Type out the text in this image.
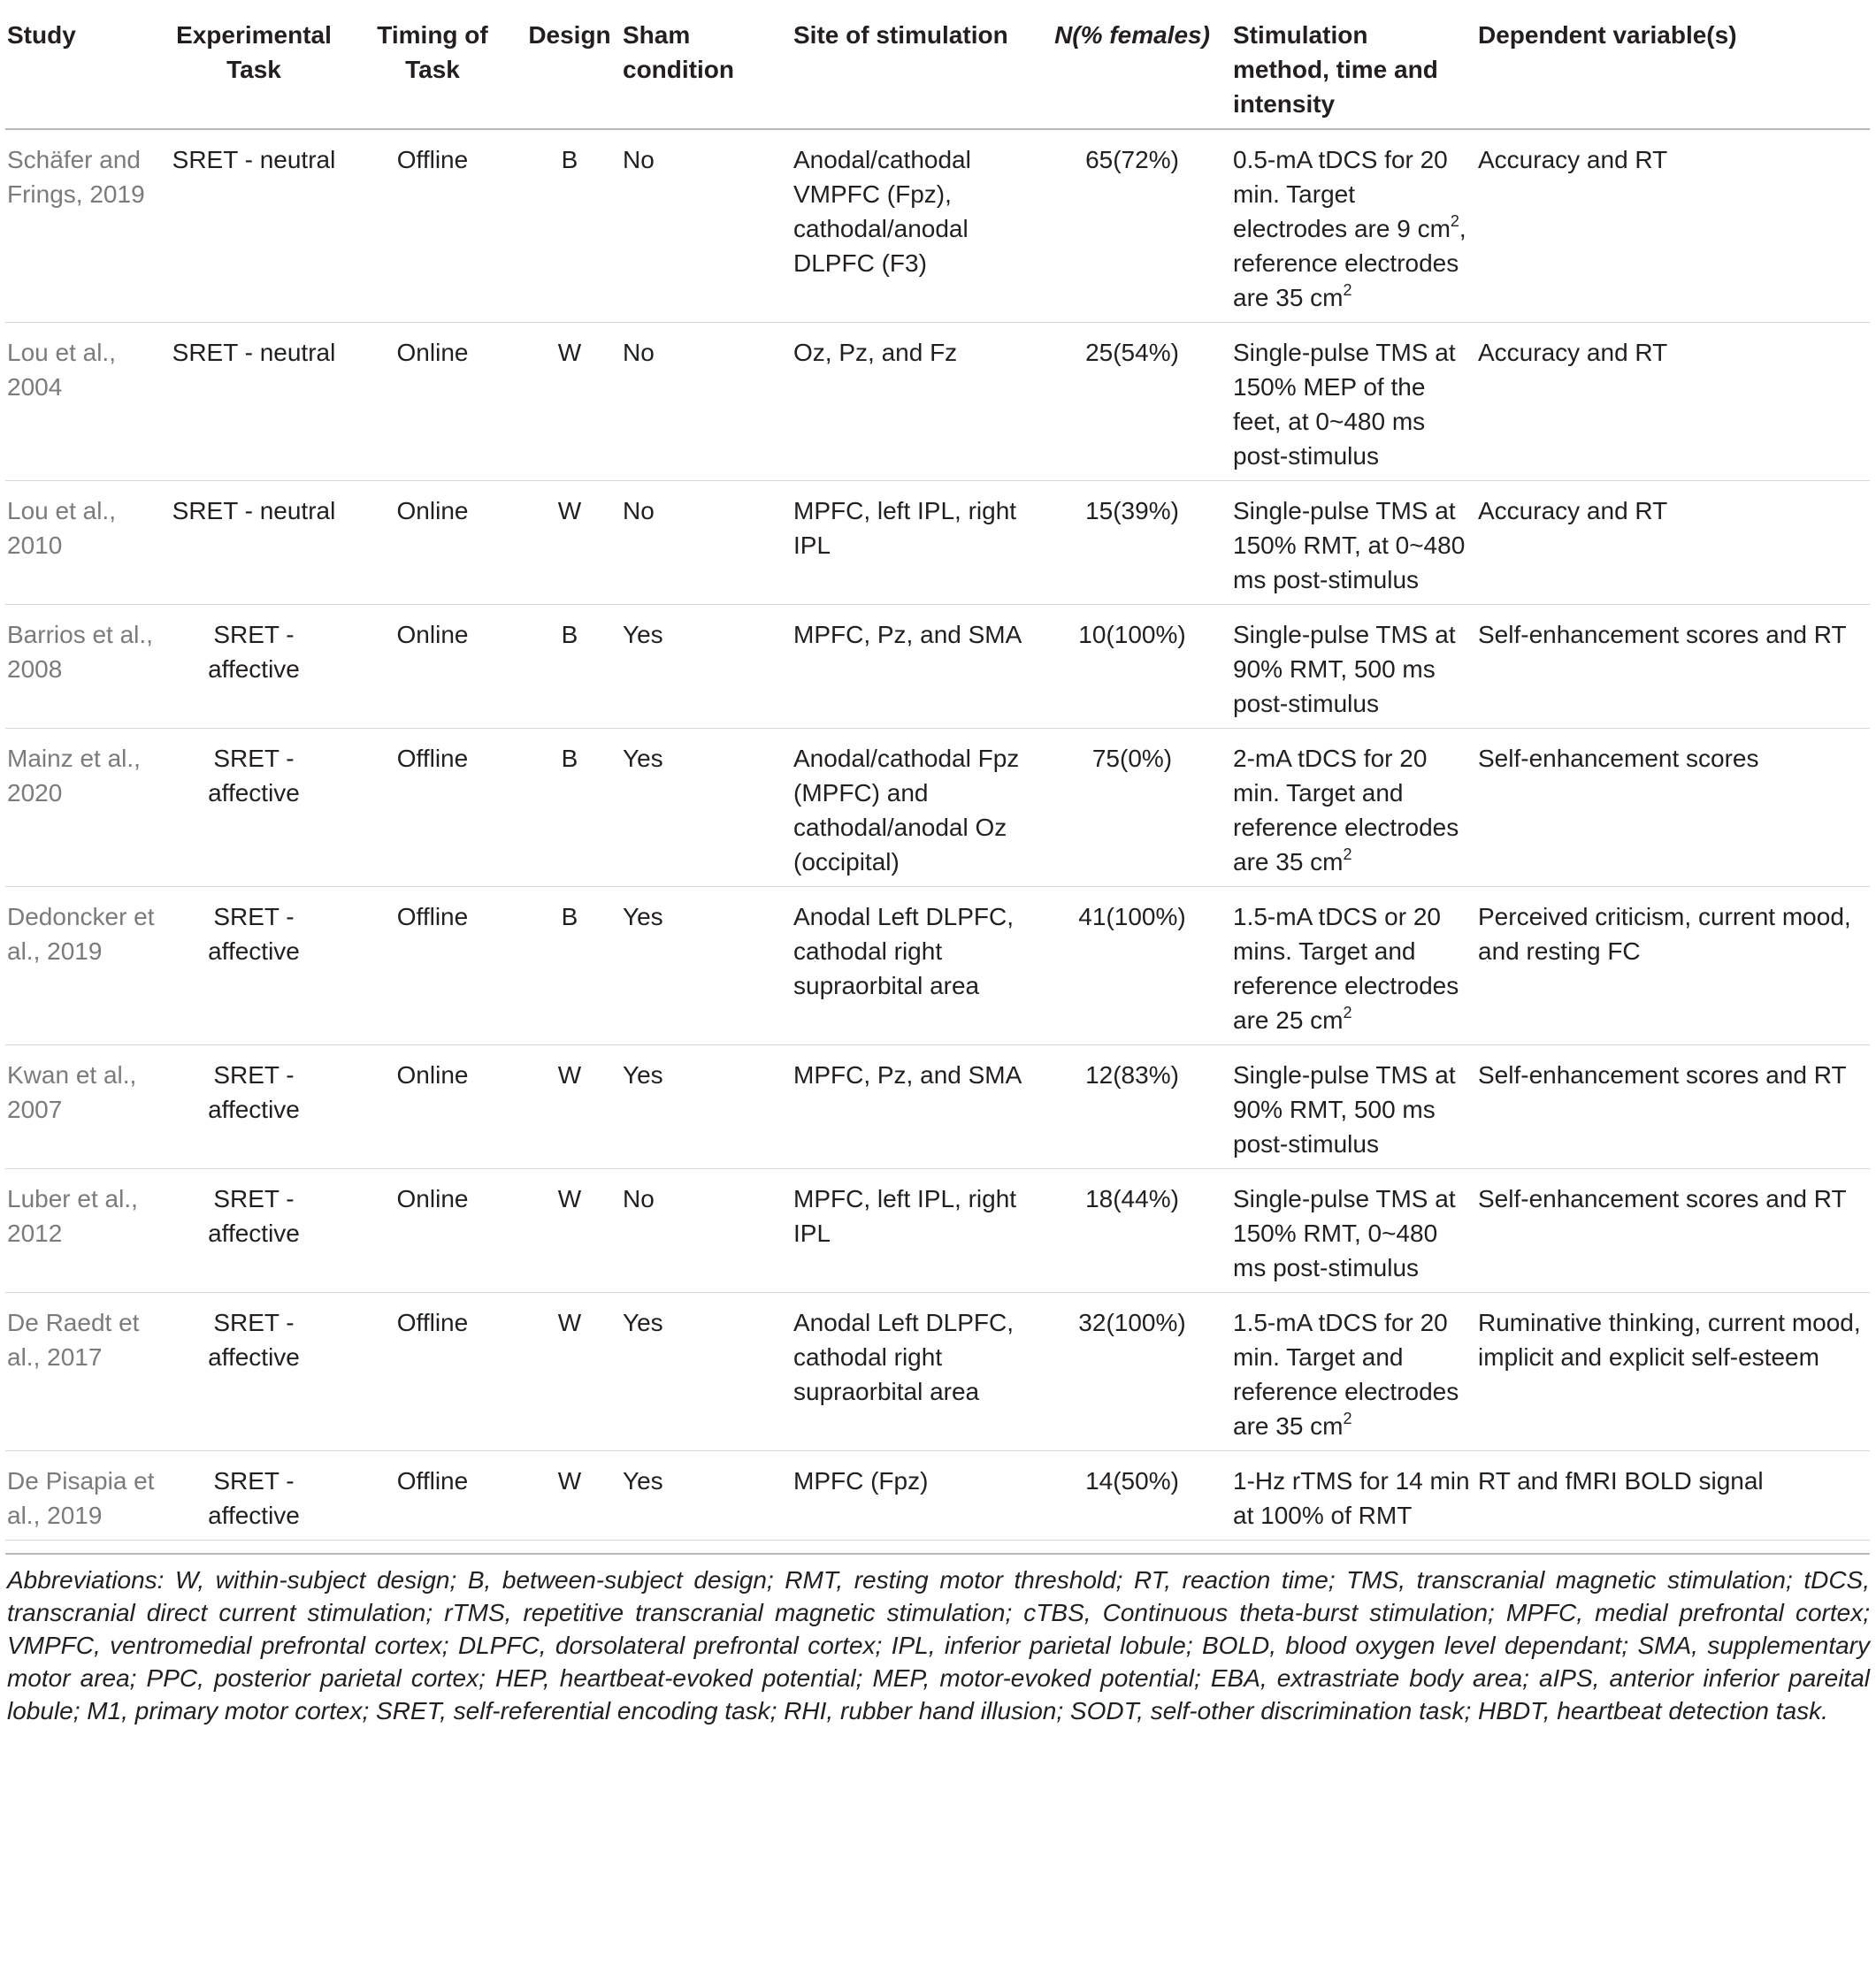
Study	Experimental Task	Timing of Task	Design	Sham condition	Site of stimulation	N(% females)	Stimulation method, time and intensity	Dependent variable(s)
Schäfer and Frings, 2019	SRET - neutral	Offline	B	No	Anodal/cathodal VMPFC (Fpz), cathodal/anodal DLPFC (F3)	65(72%)	0.5-mA tDCS for 20 min. Target electrodes are 9 $cm^2$, reference electrodes are 35 $cm^2$	Accuracy and RT
Lou et al., 2004	SRET - neutral	Online	W	No	Oz, Pz, and Fz	25(54%)	Single-pulse TMS at 150% MEP of the feet, at 0~480 ms post-stimulus	Accuracy and RT
Lou et al., 2010	SRET - neutral	Online	W	No	MPFC, left IPL, right IPL	15(39%)	Single-pulse TMS at 150% RMT, at 0~480 ms post-stimulus	Accuracy and RT
Barrios et al., 2008	SRET - affective	Online	B	Yes	MPFC, Pz, and SMA	10(100%)	Single-pulse TMS at 90% RMT, 500 ms post-stimulus	Self-enhancement scores and RT
Mainz et al., 2020	SRET - affective	Offline	B	Yes	Anodal/cathodal Fpz (MPFC) and cathodal/anodal Oz (occipital)	75(0%)	2-mA tDCS for 20 min. Target and reference electrodes are 35 $cm^2$	Self-enhancement scores
Dedoncker et al., 2019	SRET - affective	Offline	B	Yes	Anodal Left DLPFC, cathodal right supraorbital area	41(100%)	1.5-mA tDCS or 20 mins. Target and reference electrodes are 25 $cm^2$	Perceived criticism, current mood, and resting FC
Kwan et al., 2007	SRET - affective	Online	W	Yes	MPFC, Pz, and SMA	12(83%)	Single-pulse TMS at 90% RMT, 500 ms post-stimulus	Self-enhancement scores and RT
Luber et al., 2012	SRET - affective	Online	W	No	MPFC, left IPL, right IPL	18(44%)	Single-pulse TMS at 150% RMT, 0~480 ms post-stimulus	Self-enhancement scores and RT
De Raedt et al., 2017	SRET - affective	Offline	W	Yes	Anodal Left DLPFC, cathodal right supraorbital area	32(100%)	1.5-mA tDCS for 20 min. Target and reference electrodes are 35 $cm^2$	Ruminative thinking, current mood, implicit and explicit self-esteem
De Pisapia et al., 2019	SRET - affective	Offline	W	Yes	MPFC (Fpz)	14(50%)	1-Hz rTMS for 14 min at 100% of RMT	RT and fMRI BOLD signal

Abbreviations: W, within-subject design; B, between-subject design; RMT, resting motor threshold; RT, reaction time; TMS, transcranial magnetic stimulation; tDCS, transcranial direct current stimulation; rTMS, repetitive transcranial magnetic stimulation; cTBS, Continuous theta-burst stimulation; MPFC, medial prefrontal cortex; VMPFC, ventromedial prefrontal cortex; DLPFC, dorsolateral prefrontal cortex; IPL, inferior parietal lobule; BOLD, blood oxygen level dependant; SMA, supplementary motor area; PPC, posterior parietal cortex; HEP, heartbeat-evoked potential; MEP, motor-evoked potential; EBA, extrastriate body area; aIPS, anterior inferior pareital lobule; M1, primary motor cortex; SRET, self-referential encoding task; RHI, rubber hand illusion; SODT, self-other discrimination task; HBDT, heartbeat detection task.
